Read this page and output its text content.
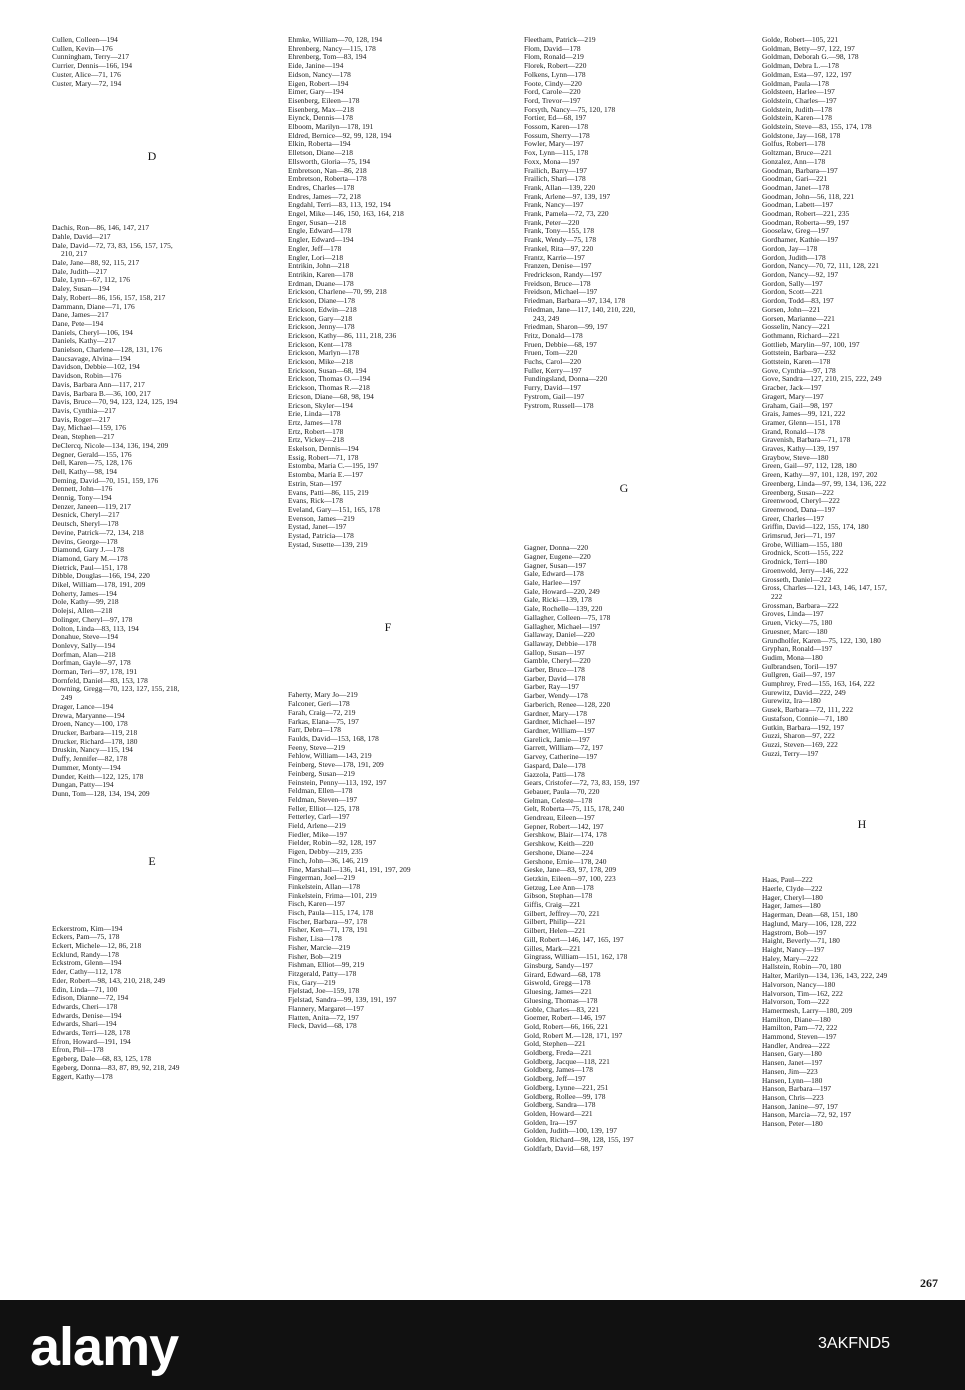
Cullen, Colleen—194
Cullen, Kevin—176
Cunningham, Terry—217
Currier, Dennis—166, 194
Custer, Alice—71, 176
Custer, Mary—72, 194
D
Dachis, Ron—86, 146, 147, 217
Dahle, David—217
Dale, David—72, 73, 83, 156, 157, 175,
210, 217
Dale, Jane—88, 92, 115, 217
Dale, Judith—217
Dale, Lynn—67, 112, 176
Daley, Susan—194
Daly, Robert—86, 156, 157, 158, 217
Dammann, Diane—71, 176
Dane, James—217
Dane, Pete—194
Daniels, Cheryl—106, 194
Daniels, Kathy—217
Danielson, Charlene—128, 131, 176
Daucsavage, Alvina—194
Davidson, Debbie—102, 194
Davidson, Robin—176
Davis, Barbara Ann—117, 217
Davis, Barbara B.—36, 100, 217
Davis, Bruce—70, 94, 123, 124, 125, 194
Davis, Cynthia—217
Davis, Roger—217
Day, Michael—159, 176
Dean, Stephen—217
DeClercq, Nicole—134, 136, 194, 209
Degner, Gerald—155, 176
Dell, Karen—75, 128, 176
Dell, Kathy—98, 194
Deming, David—70, 151, 159, 176
Dennett, John—176
Dennig, Tony—194
Denzer, Janeen—119, 217
Desnick, Cheryl—217
Deutsch, Sheryl—178
Devine, Patrick—72, 134, 218
Devins, George—178
Diamond, Gary J.—178
Diamond, Gary M.—178
Dietrick, Paul—151, 178
Dibble, Douglas—166, 194, 220
Dikel, William—178, 191, 209
Doherty, James—194
Dole, Kathy—99, 218
Dolejsi, Allen—218
Dolinger, Cheryl—97, 178
Dolton, Linda—83, 113, 194
Donahue, Steve—194
Donlevy, Sally—194
Dorfman, Alan—218
Dorfman, Gayle—97, 178
Dorman, Teri—97, 178, 191
Dornfeld, Daniel—83, 153, 178
Downing, Gregg—70, 123, 127, 155, 218,
249
Drager, Lance—194
Drewa, Maryanne—194
Droen, Nancy—100, 178
Drucker, Barbara—119, 218
Drucker, Richard—178, 180
Druskin, Nancy—115, 194
Duffy, Jennifer—82, 178
Dummer, Monty—194
Dunder, Keith—122, 125, 178
Dungan, Patty—194
Dunn, Tom—128, 134, 194, 209
E
Eckerstrom, Kim—194
Eckers, Pam—75, 178
Eckert, Michele—12, 86, 218
Ecklund, Randy—178
Eckstrom, Glenn—194
Eder, Cathy—112, 178
Eder, Robert—98, 143, 210, 218, 249
Edin, Linda—71, 100
Edison, Dianne—72, 194
Edwards, Cheri—178
Edwards, Denise—194
Edwards, Shari—194
Edwards, Terri—128, 178
Efron, Howard—191, 194
Efron, Phil—178
Egeberg, Dale—68, 83, 125, 178
Egeberg, Donna—83, 87, 89, 92, 218, 249
Eggert, Kathy—178
Ehmke, William—70, 128, 194
Ehrenberg, Nancy—115, 178
Ehrenberg, Tom—83, 194
Eide, Janine—194
Eidson, Nancy—178
Eigen, Robert—194
Eimer, Gary—194
Eisenberg, Eileen—178
Eisenberg, Max—218
Eiynck, Dennis—178
Elboom, Marilyn—178, 191
Eldred, Bernice—92, 99, 128, 194
Elkin, Roberta—194
Elletson, Diane—218
Ellsworth, Gloria—75, 194
Embretson, Nan—86, 218
Embretson, Roberta—178
Endres, Charles—178
Endres, James—72, 218
Engdahl, Terri—83, 113, 192, 194
Engel, Mike—146, 150, 163, 164, 218
Enger, Susan—218
Engle, Edward—178
Engler, Edward—194
Engler, Jeff—178
Engler, Lori—218
Entrikin, John—218
Entrikin, Karen—178
Erdman, Duane—178
Erickson, Charlene—70, 99, 218
Erickson, Diane—178
Erickson, Edwin—218
Erickson, Gary—218
Erickson, Jenny—178
Erickson, Kathy—86, 111, 218, 236
Erickson, Kent—178
Erickson, Marlyn—178
Erickson, Mike—218
Erickson, Susan—68, 194
Erickson, Thomas O.—194
Erickson, Thomas R.—218
Ericson, Diane—68, 98, 194
Ericson, Skyler—194
Erie, Linda—178
Ertz, James—178
Ertz, Robert—178
Ertz, Vickey—218
Eskelson, Dennis—194
Essig, Robert—71, 178
Estomba, Maria C.—195, 197
Estomba, Maria E.—197
Estrin, Stan—197
Evans, Patti—86, 115, 219
Evans, Rick—178
Eveland, Gary—151, 165, 178
Evenson, James—219
Eystad, Janet—197
Eystad, Patricia—178
Eystad, Susette—139, 219
F
Faherty, Mary Jo—219
Falconer, Geri—178
Farah, Craig—72, 219
Farkas, Elana—75, 197
Farr, Debra—178
Faulds, David—153, 168, 178
Feeny, Steve—219
Fehlow, William—143, 219
Feinberg, Steve—178, 191, 209
Feinberg, Susan—219
Feinstein, Penny—113, 192, 197
Feldman, Ellen—178
Feldman, Steven—197
Feller, Elliot—125, 178
Fetterley, Carl—197
Field, Arlene—219
Fiedler, Mike—197
Fielder, Robin—92, 128, 197
Figen, Debby—219, 235
Finch, John—36, 146, 219
Fine, Marshall—136, 141, 191, 197, 209
Fingerman, Joel—219
Finkelstein, Allan—178
Finkelstein, Frima—101, 219
Fisch, Karen—197
Fisch, Paula—115, 174, 178
Fischer, Barbara—97, 178
Fisher, Ken—71, 178, 191
Fisher, Lisa—178
Fisher, Marcie—219
Fisher, Bob—219
Fishman, Elliot—99, 219
Fitzgerald, Patty—178
Fix, Gary—219
Fjelstad, Joe—159, 178
Fjelstad, Sandra—99, 139, 191, 197
Flannery, Margaret—197
Flatten, Anita—72, 197
Fleck, David—68, 178
Fleetham, Patrick—219
Flom, David—178
Flom, Ronald—219
Florek, Robert—220
Folkens, Lynn—178
Foote, Cindy—220
Ford, Carole—220
Ford, Trevor—197
Forsyth, Nancy—75, 120, 178
Fortier, Ed—68, 197
Fossom, Karen—178
Fossum, Sherry—178
Fowler, Mary—197
Fox, Lynn—115, 178
Foxx, Mona—197
Frailich, Barry—197
Frailich, Shari—178
Frank, Allan—139, 220
Frank, Arlene—97, 139, 197
Frank, Nancy—197
Frank, Pamela—72, 73, 220
Frank, Peter—220
Frank, Tony—155, 178
Frank, Wendy—75, 178
Frankel, Rita—97, 220
Frantz, Karrie—197
Franzen, Denise—197
Fredrickson, Randy—197
Freidson, Bruce—178
Freidson, Michael—197
Friedman, Barbara—97, 134, 178
Friedman, Jane—117, 140, 210, 220,
243, 249
Friedman, Sharon—99, 197
Fritz, Donald—178
Fruen, Debbie—68, 197
Fruen, Tom—220
Fuchs, Carol—220
Fuller, Kerry—197
Fundingsland, Donna—220
Furry, David—197
Fystrom, Gail—197
Fystrom, Russell—178
G
Gagner, Donna—220
Gagner, Eugene—220
Gagner, Susan—197
Gale, Edward—178
Gale, Harlee—197
Gale, Howard—220, 249
Gale, Ricki—139, 178
Gale, Rochelle—139, 220
Gallagher, Colleen—75, 178
Gallagher, Michael—197
Gallaway, Daniel—220
Gallaway, Debbie—178
Gallop, Susan—197
Gamble, Cheryl—220
Garber, Bruce—178
Garber, David—178
Garber, Ray—197
Garber, Wendy—178
Garberich, Renee—128, 220
Gardner, Mary—178
Gardner, Michael—197
Gardner, William—197
Garelick, Jamie—197
Garrett, William—72, 197
Garvey, Catherine—197
Gaspard, Dale—178
Gazzola, Patti—178
Gears, Cristofer—72, 73, 83, 159, 197
Gebauer, Paula—70, 220
Gelman, Celeste—178
Gelt, Roberta—75, 115, 178, 240
Gendreau, Eileen—197
Gepner, Robert—142, 197
Gershkow, Blair—174, 178
Gershkow, Keith—220
Gershone, Diane—224
Gershone, Ernie—178, 240
Geske, Jane—83, 97, 178, 209
Getzkin, Eileen—97, 100, 223
Getzug, Lee Ann—178
Gibson, Stephan—178
Giffis, Craig—221
Gilbert, Jeffrey—70, 221
Gilbert, Philip—221
Gilbert, Helen—221
Gill, Robert—146, 147, 165, 197
Gilles, Mark—221
Gingrass, William—151, 162, 178
Ginsburg, Sandy—197
Girard, Edward—68, 178
Giswold, Gregg—178
Gluesing, James—221
Gluesing, Thomas—178
Goble, Charles—83, 221
Goemer, Robert—146, 197
Gold, Robert—66, 166, 221
Gold, Robert M.—128, 171, 197
Gold, Stephen—221
Goldberg, Freda—221
Goldberg, Jacque—118, 221
Goldberg, James—178
Goldberg, Jeff—197
Goldberg, Lynne—221, 251
Goldberg, Rollee—99, 178
Goldberg, Sandra—178
Golden, Howard—221
Golden, Ira—197
Golden, Judith—100, 139, 197
Golden, Richard—98, 128, 155, 197
Goldfarb, David—68, 197
Golde, Robert—105, 221
Goldman, Betty—97, 122, 197
Goldman, Deborah G.—98, 178
Goldman, Debra L.—178
Goldman, Esta—97, 122, 197
Goldman, Paula—178
Goldsteen, Harlee—197
Goldstein, Charles—197
Goldstein, Judith—178
Goldstein, Karen—178
Goldstein, Steve—83, 155, 174, 178
Goldstone, Jay—168, 178
Golfus, Robert—178
Goltzman, Bruce—221
Gonzalez, Ann—178
Goodman, Barbara—197
Goodman, Gari—221
Goodman, Janet—178
Goodman, John—56, 118, 221
Goodman, Labett—197
Goodman, Robert—221, 235
Goodman, Roberta—99, 197
Gooselaw, Greg—197
Gordhamer, Kathie—197
Gordon, Jay—178
Gordon, Judith—178
Gordon, Nancy—70, 72, 111, 128, 221
Gordon, Nancy—92, 197
Gordon, Sally—197
Gordon, Scott—221
Gordon, Todd—83, 197
Gorsen, John—221
Gorsen, Marianne—221
Gosselin, Nancy—221
Gothmann, Richard—221
Gottlieb, Marylin—97, 100, 197
Gottstein, Barbara—232
Gottstein, Karen—178
Gove, Cynthia—97, 178
Gove, Sandra—127, 210, 215, 222, 249
Gracber, Jack—197
Gragert, Mary—197
Graham, Gail—98, 197
Grais, James—99, 121, 222
Gramer, Glenn—151, 178
Grand, Ronald—178
Gravenish, Barbara—71, 178
Graves, Kathy—139, 197
Graybow, Steve—180
Green, Gail—97, 112, 128, 180
Green, Kathy—97, 101, 128, 197, 202
Greenberg, Linda—97, 99, 134, 136, 222
Greenberg, Susan—222
Greenwood, Cheryl—222
Greenwood, Dana—197
Greer, Charles—197
Griffin, David—122, 155, 174, 180
Grimsrud, Jeri—71, 197
Grobe, William—155, 180
Grodnick, Scott—155, 222
Grodnick, Terri—180
Groenwold, Jerry—146, 222
Grosseth, Daniel—222
Gross, Charles—121, 143, 146, 147, 157,
222
Grossman, Barbara—222
Groves, Linda—197
Gruen, Vicky—75, 180
Gruesner, Marc—180
Grundholfer, Karen—75, 122, 130, 180
Gryphan, Ronald—197
Gudim, Mona—180
Gulbrandsen, Toril—197
Gullgren, Gail—97, 197
Gumphrey, Fred—155, 163, 164, 222
Gurewitz, David—222, 249
Gurewitz, Ira—180
Gusek, Barbara—72, 111, 222
Gustafson, Connie—71, 180
Gutkin, Barbara—192, 197
Guzzi, Sharon—97, 222
Guzzi, Steven—169, 222
Guzzi, Terry—197
H
Haas, Paul—222
Haerle, Clyde—222
Hager, Cheryl—180
Hager, James—180
Hagerman, Dean—68, 151, 180
Haglund, Mary—106, 128, 222
Hagstrom, Bob—197
Haight, Beverly—71, 180
Haight, Nancy—197
Haley, Mary—222
Hallstein, Robin—70, 180
Halter, Marilyn—134, 136, 143, 222, 249
Halvorson, Nancy—180
Halvorson, Tim—162, 222
Halvorson, Tom—222
Hamermesh, Larry—180, 209
Hamilton, Diane—180
Hamilton, Pam—72, 222
Hammond, Steven—197
Handler, Andrea—222
Hansen, Gary—180
Hansen, Janet—197
Hansen, Jim—223
Hansen, Lynn—180
Hanson, Barbara—197
Hanson, Chris—223
Hanson, Janine—97, 197
Hanson, Marcia—72, 92, 197
Hanson, Peter—180
267
alamy	3AKFND5
